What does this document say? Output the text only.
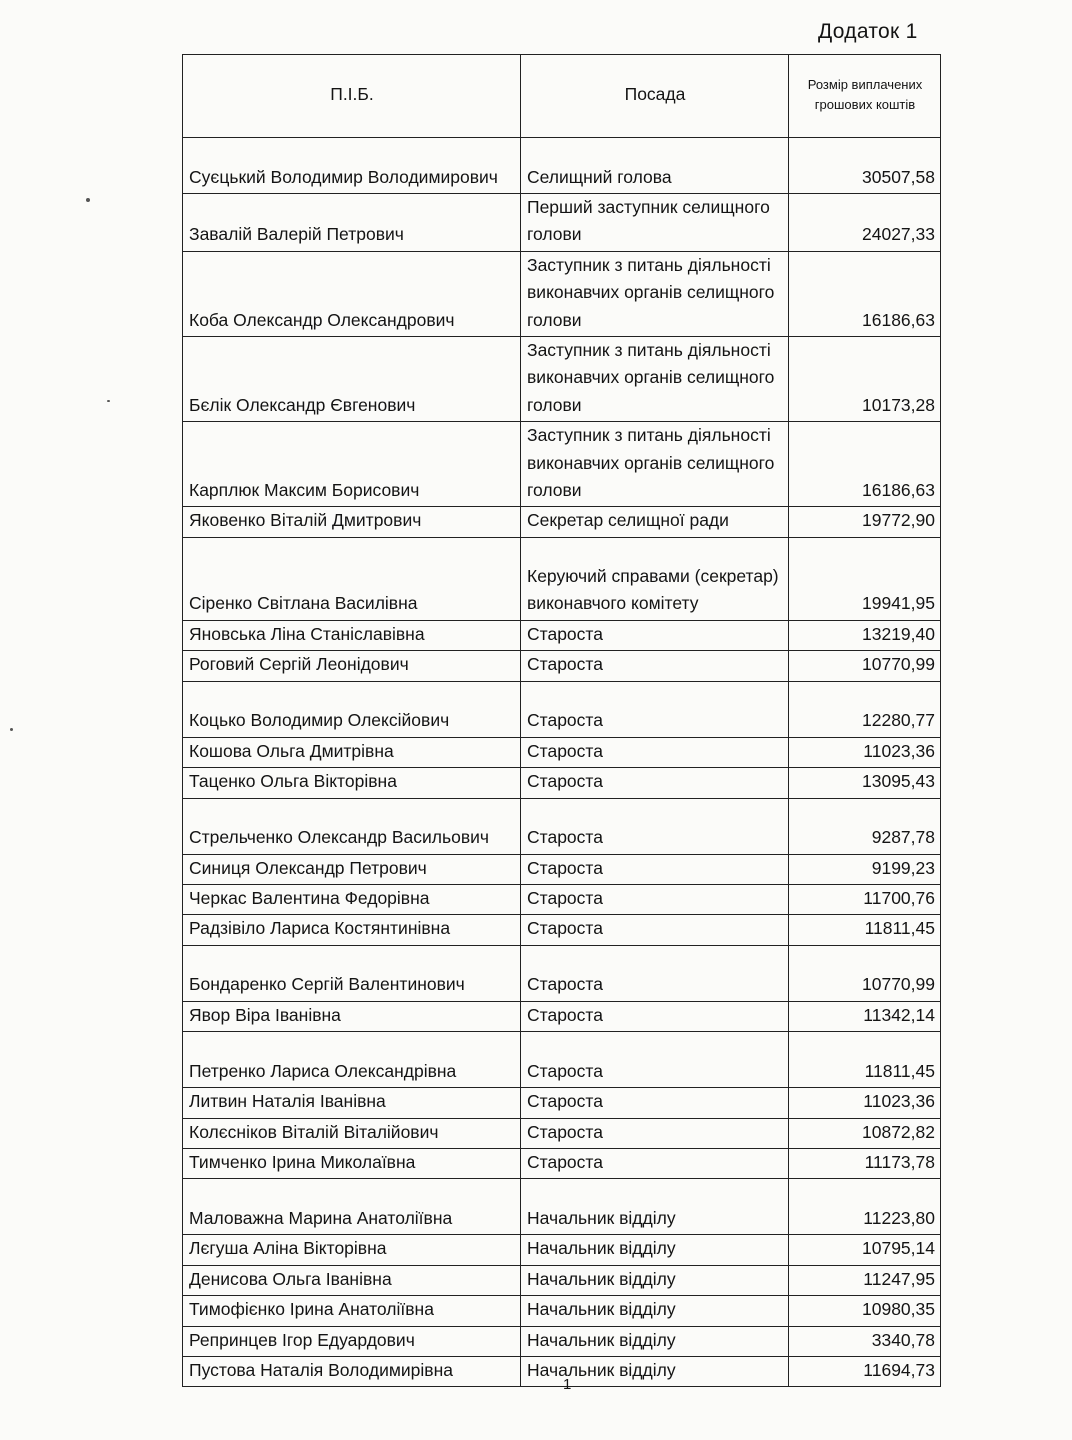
Додаток 1
П.І.Б.	Посада	Розмір виплачених грошових коштів
Суєцький Володимир Володимирович	Селищний голова	30507,58
Завалій Валерій Петрович	Перший заступник селищного голови	24027,33
Коба Олександр Олександрович	Заступник з питань діяльності виконавчих органів селищного голови	16186,63
Бєлік Олександр Євгенович	Заступник з питань діяльності виконавчих органів селищного голови	10173,28
Карплюк Максим Борисович	Заступник з питань діяльності виконавчих органів селищного голови	16186,63
Яковенко Віталій Дмитрович	Секретар селищної ради	19772,90
Сіренко Світлана Василівна	Керуючий справами (секретар) виконавчого комітету	19941,95
Яновська Ліна Станіславівна	Староста	13219,40
Роговий Сергій Леонідович	Староста	10770,99
Коцько Володимир Олексійович	Староста	12280,77
Кошова Ольга Дмитрівна	Староста	11023,36
Таценко Ольга Вікторівна	Староста	13095,43
Стрельченко Олександр Васильович	Староста	9287,78
Синиця Олександр Петрович	Староста	9199,23
Черкас Валентина Федорівна	Староста	11700,76
Радзівіло Лариса Костянтинівна	Староста	11811,45
Бондаренко Сергій Валентинович	Староста	10770,99
Явор Віра Іванівна	Староста	11342,14
Петренко Лариса Олександрівна	Староста	11811,45
Литвин Наталія Іванівна	Староста	11023,36
Колєсніков Віталій Віталійович	Староста	10872,82
Тимченко Ірина Миколаївна	Староста	11173,78
Маловажна Марина Анатоліївна	Начальник відділу	11223,80
Лєгуша Аліна Вікторівна	Начальник відділу	10795,14
Денисова Ольга Іванівна	Начальник відділу	11247,95
Тимофієнко Ірина Анатоліївна	Начальник відділу	10980,35
Репринцев Ігор Едуардович	Начальник відділу	3340,78
Пустова Наталія Володимирівна	Начальник відділу	11694,73
1
